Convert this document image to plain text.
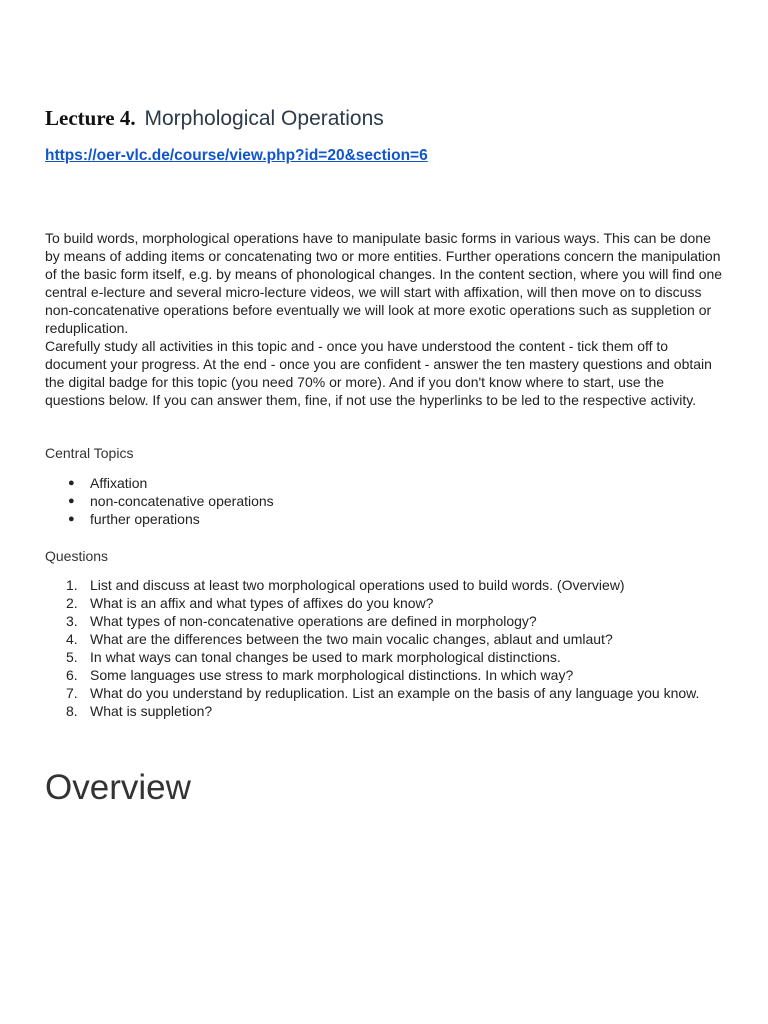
Lecture 4. Morphological Operations
https://oer-vlc.de/course/view.php?id=20&section=6

To build words, morphological operations have to manipulate basic forms in various ways. This can be done by means of adding items or concatenating two or more entities. Further operations concern the manipulation of the basic form itself, e.g. by means of phonological changes. In the content section, where you will find one central e-lecture and several micro-lecture videos, we will start with affixation, will then move on to discuss non-concatenative operations before eventually we will look at more exotic operations such as suppletion or reduplication.

Carefully study all activities in this topic and - once you have understood the content - tick them off to document your progress. At the end - once you are confident - answer the ten mastery questions and obtain the digital badge for this topic (you need 70% or more). And if you don't know where to start, use the questions below. If you can answer them, fine, if not use the hyperlinks to be led to the respective activity.

Central Topics

● Affixation
● non-concatenative operations
● further operations

Questions

1. List and discuss at least two morphological operations used to build words. (Overview)
2. What is an affix and what types of affixes do you know?
3. What types of non-concatenative operations are defined in morphology?
4. What are the differences between the two main vocalic changes, ablaut and umlaut?
5. In what ways can tonal changes be used to mark morphological distinctions.
6. Some languages use stress to mark morphological distinctions. In which way?
7. What do you understand by reduplication. List an example on the basis of any language you know.
8. What is suppletion?
Overview
